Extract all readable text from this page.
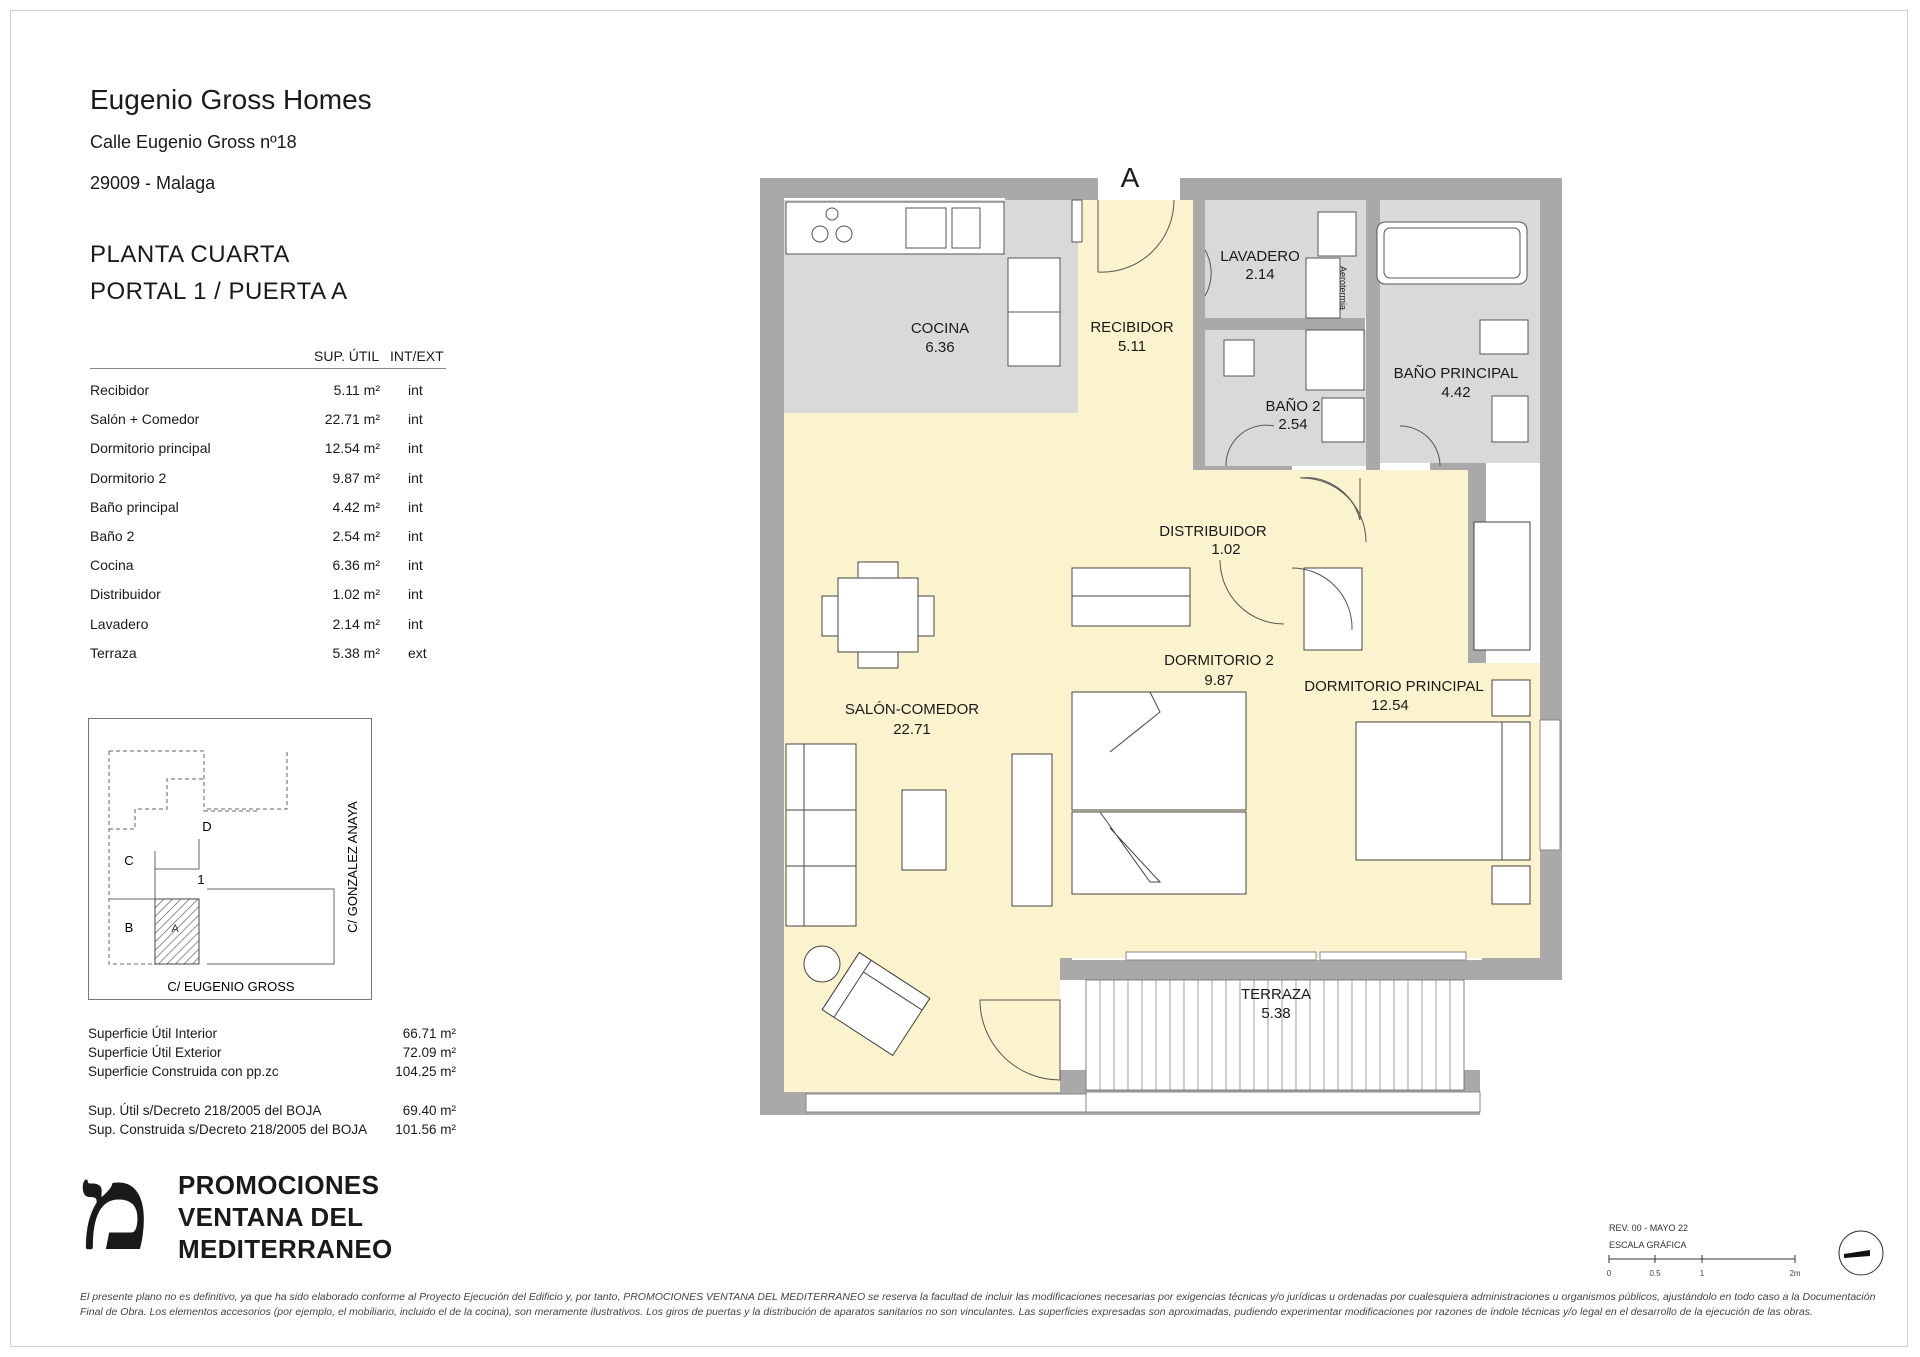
Eugenio Gross Homes
Calle Eugenio Gross nº18
29009 - Malaga
PLANTA CUARTA
PORTAL 1 / PUERTA A
SUP. ÚTIL INT/EXT
Recibidor	5.11 m² int
Salón + Comedor	22.71 m² int
Dormitorio principal	12.54 m² int
Dormitorio 2	9.87 m² int
Baño principal	4.42 m² int
Baño 2	2.54 m² int
Cocina	6.36 m² int
Distribuidor	1.02 m² int
Lavadero	2.14 m² int
Terraza	5.38 m² ext
A
B
C
D
1
C/ EUGENIO GROSS
C/ GONZALEZ ANAYA
Superficie Útil Interior	66.71 m²
Superficie Útil Exterior	72.09 m²
Superficie Construida con pp.zc	104.25 m²
Sup. Útil s/Decreto 218/2005 del BOJA	69.40 m²
Sup. Construida s/Decreto 218/2005 del BOJA 101.56 m²
מ PROMOCIONES
VENTANA DEL
MEDITERRANEO
REV. 00 - MAYO 22
ESCALA GRÁFICA
0	0.5	1	2m
El presente plano no es definitivo, ya que ha sido elaborado conforme al Proyecto Ejecución del Edificio y, por tanto, PROMOCIONES VENTANA DEL MEDITERRANEO se reserva la facultad de incluir las modificaciones necesarias por exigencias técnicas y/o jurídicas u ordenadas por cualesquiera administraciones u organismos públicos, ajustándolo en todo caso a la Documentación Final de Obra. Los elementos accesorios (por ejemplo, el mobiliario, incluido el de la cocina), son meramente ilustrativos. Los giros de puertas y la distribución de aparatos sanitarios no son vinculantes. Las superficies expresadas son aproximadas, pudiendo experimentar modificaciones por razones de índole técnicas y/o legal en el desarrollo de la ejecución de las obras.
A
COCINA
6.36
RECIBIDOR
5.11
LAVADERO
2.14	Aerotermia
BAÑO PRINCIPAL
4.42
BAÑO 2
2.54
DISTRIBUIDOR
1.02
DORMITORIO 2
9.87	DORMITORIO PRINCIPAL
12.54
SALÓN-COMEDOR
22.71
TERRAZA
5.38
